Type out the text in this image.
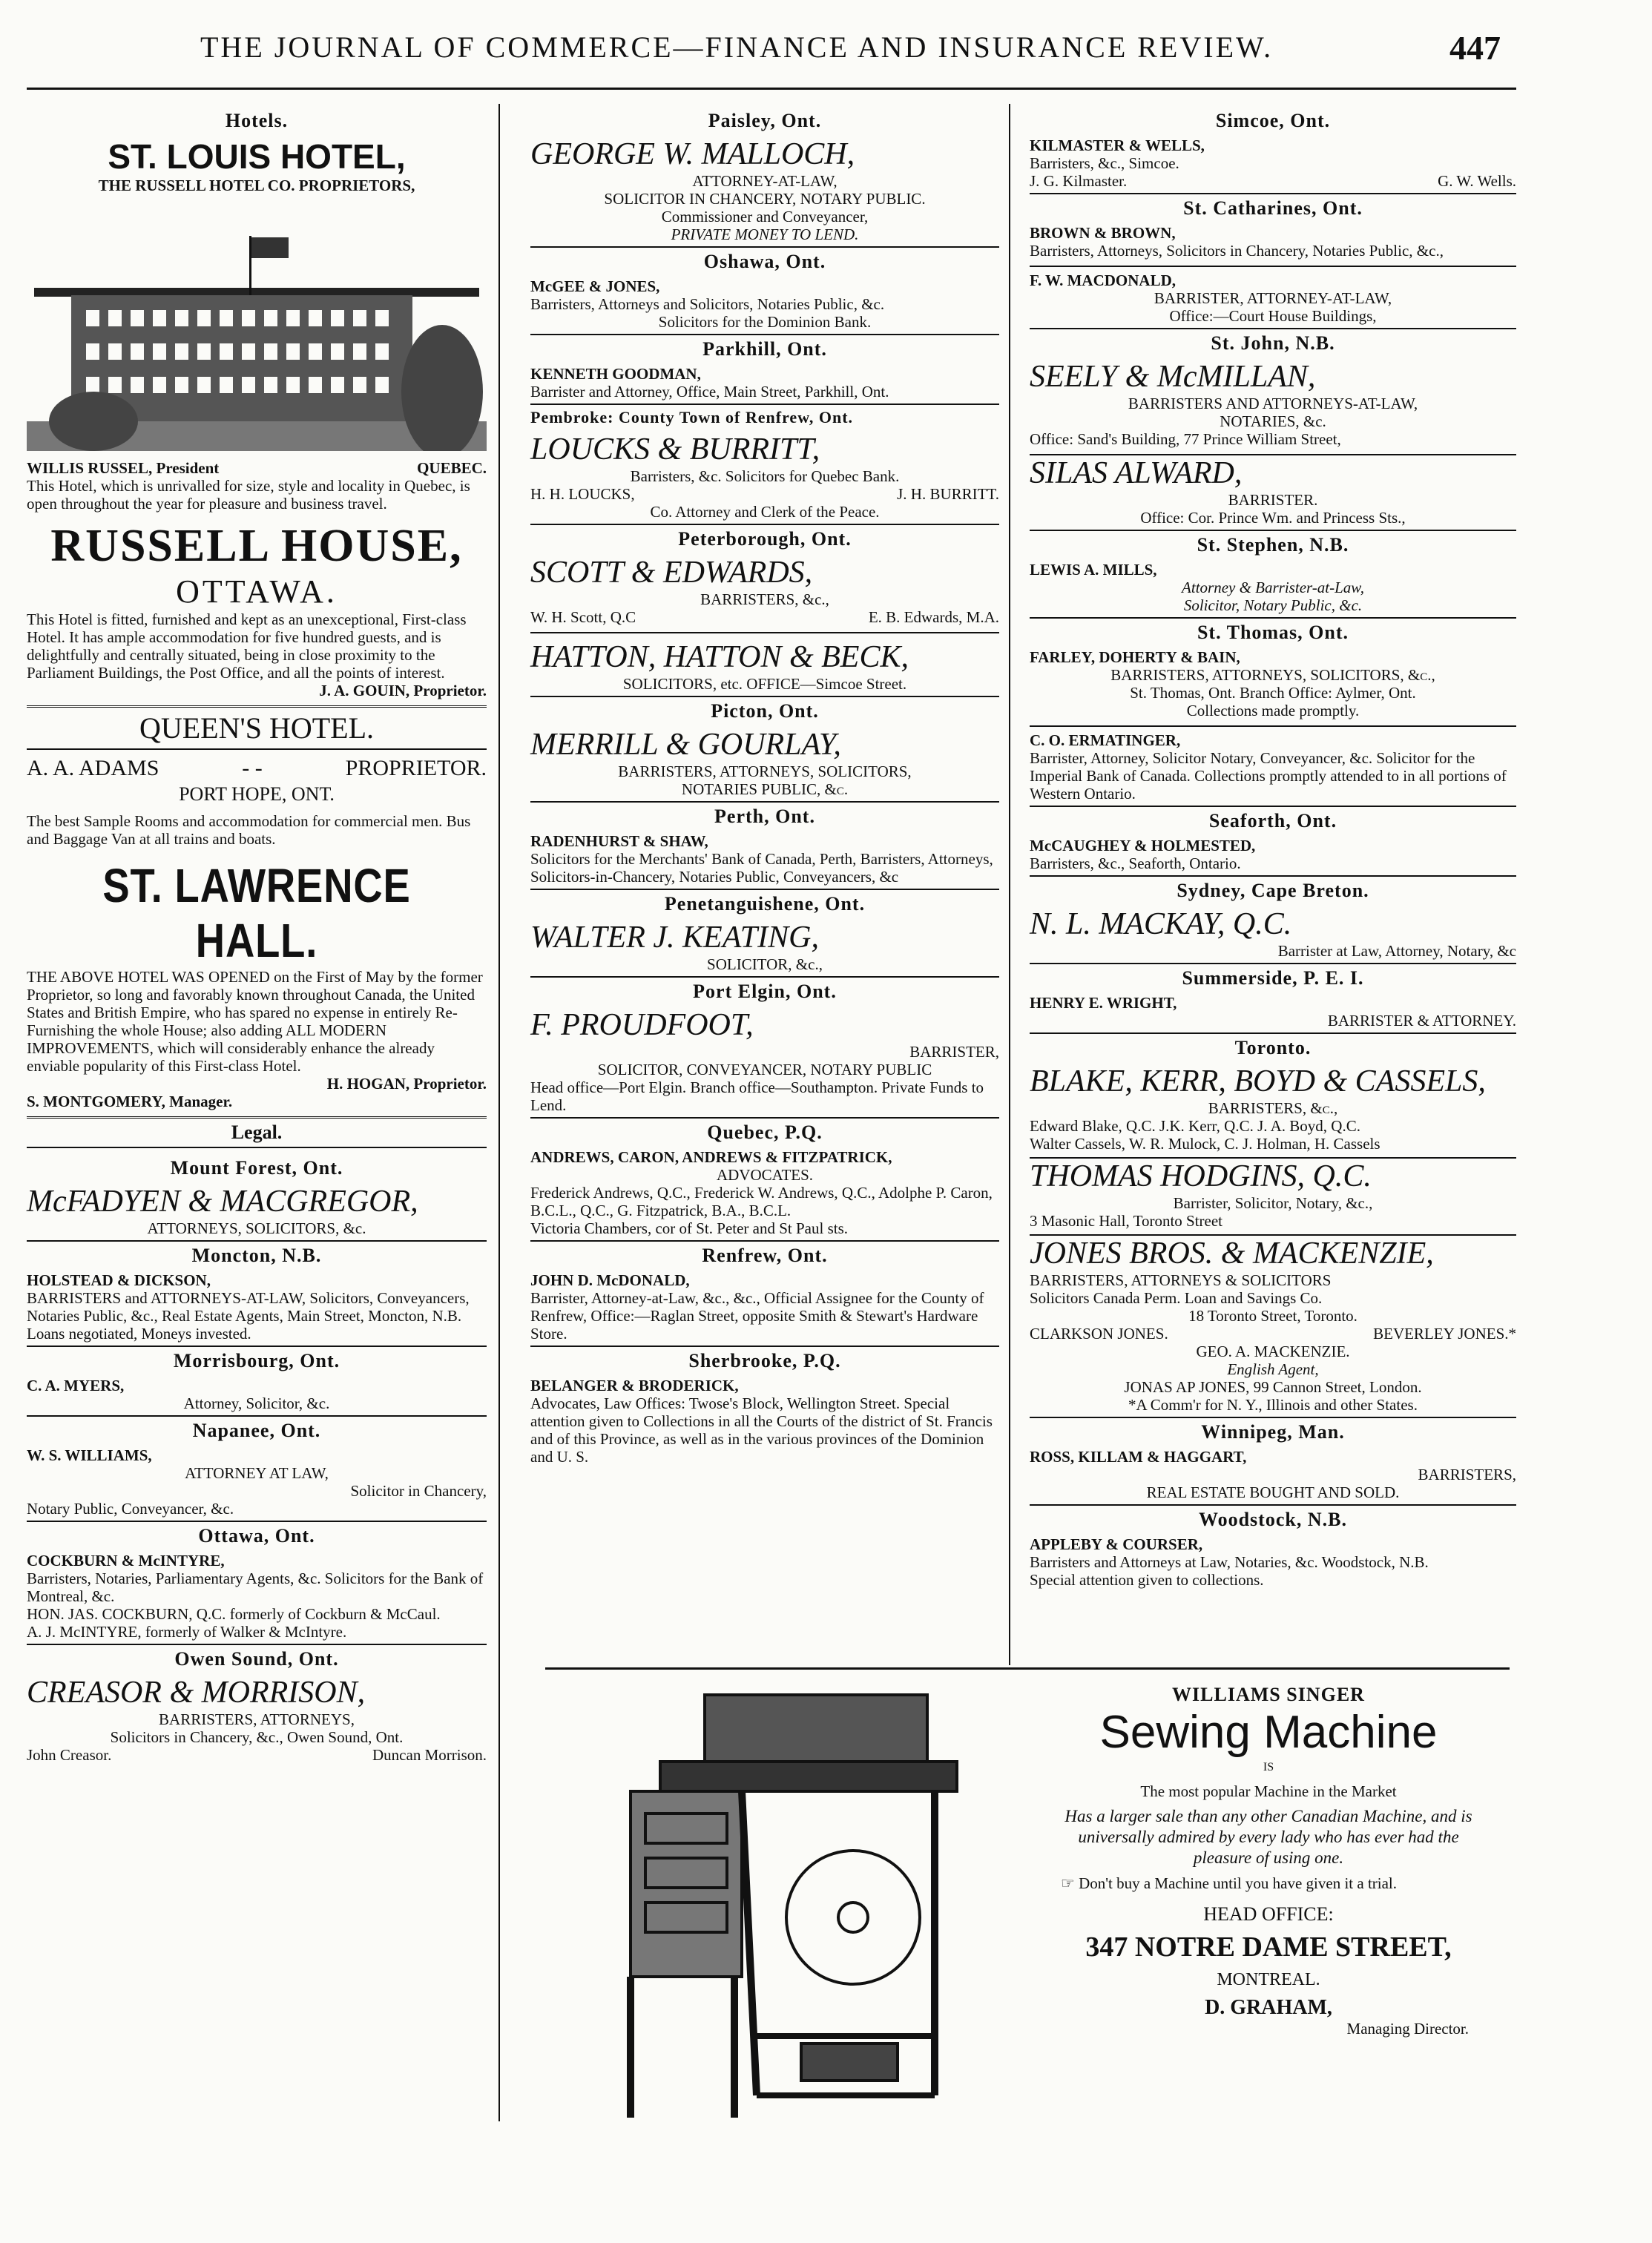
THE JOURNAL OF COMMERCE—FINANCE AND INSURANCE REVIEW.	447
Hotels.
ST. LOUIS HOTEL,
THE RUSSELL HOTEL CO. PROPRIETORS,
WILLIS RUSSEL, President	QUEBEC.
This Hotel, which is unrivalled for size, style and locality in Quebec, is open throughout the year for pleasure and business travel.
RUSSELL HOUSE,
OTTAWA.
This Hotel is fitted, furnished and kept as an unexceptional, First-class Hotel. It has ample accommodation for five hundred guests, and is delightfully and centrally situated, being in close proximity to the Parliament Buildings, the Post Office, and all the points of interest.
J. A. GOUIN, Proprietor.
QUEEN'S HOTEL.
A. A. ADAMS	- -	PROPRIETOR.
PORT HOPE, ONT.
The best Sample Rooms and accommodation for commercial men. Bus and Baggage Van at all trains and boats.
ST. LAWRENCE HALL.
THE ABOVE HOTEL WAS OPENED on the First of May by the former Proprietor, so long and favorably known throughout Canada, the United States and British Empire, who has spared no expense in entirely Re-Furnishing the whole House; also adding ALL MODERN IMPROVEMENTS, which will considerably enhance the already enviable popularity of this First-class Hotel.
H. HOGAN, Proprietor.
S. MONTGOMERY, Manager.
Legal.
Mount Forest, Ont.
McFADYEN & MACGREGOR,
ATTORNEYS, SOLICITORS, &c.
Moncton, N.B.
HOLSTEAD & DICKSON,
BARRISTERS and ATTORNEYS-AT-LAW, Solicitors, Conveyancers, Notaries Public, &c., Real Estate Agents, Main Street, Moncton, N.B. Loans negotiated, Moneys invested.
Morrisbourg, Ont.
C. A. MYERS,
Attorney, Solicitor, &c.
Napanee, Ont.
W. S. WILLIAMS,
ATTORNEY AT LAW,
Solicitor in Chancery,
Notary Public, Conveyancer, &c.
Ottawa, Ont.
COCKBURN & McINTYRE,
Barristers, Notaries, Parliamentary Agents, &c. Solicitors for the Bank of Montreal, &c.
HON. JAS. COCKBURN, Q.C. formerly of Cockburn & McCaul.
A. J. McINTYRE, formerly of Walker & McIntyre.
Owen Sound, Ont.
CREASOR & MORRISON,
BARRISTERS, ATTORNEYS,
Solicitors in Chancery, &c., Owen Sound, Ont.
John Creasor.	Duncan Morrison.
Paisley, Ont.
GEORGE W. MALLOCH,
ATTORNEY-AT-LAW,
SOLICITOR IN CHANCERY, NOTARY PUBLIC.
Commissioner and Conveyancer,
PRIVATE MONEY TO LEND.
Oshawa, Ont.
McGEE & JONES,
Barristers, Attorneys and Solicitors, Notaries Public, &c.
Solicitors for the Dominion Bank.
Parkhill, Ont.
KENNETH GOODMAN,
Barrister and Attorney, Office, Main Street, Parkhill, Ont.
Pembroke: County Town of Renfrew, Ont.
LOUCKS & BURRITT,
Barristers, &c. Solicitors for Quebec Bank.
H. H. LOUCKS,	J. H. BURRITT.
Co. Attorney and Clerk of the Peace.
Peterborough, Ont.
SCOTT & EDWARDS,
BARRISTERS, &c.,
W. H. Scott, Q.C	E. B. Edwards, M.A.
HATTON, HATTON & BECK,
SOLICITORS, etc. OFFICE—Simcoe Street.
Picton, Ont.
MERRILL & GOURLAY,
BARRISTERS, ATTORNEYS, SOLICITORS,
NOTARIES PUBLIC, &c.
Perth, Ont.
RADENHURST & SHAW,
Solicitors for the Merchants' Bank of Canada, Perth, Barristers, Attorneys, Solicitors-in-Chancery, Notaries Public, Conveyancers, &c
Penetanguishene, Ont.
WALTER J. KEATING,
SOLICITOR, &c.,
Port Elgin, Ont.
F. PROUDFOOT,
BARRISTER,
SOLICITOR, CONVEYANCER, NOTARY PUBLIC
Head office—Port Elgin. Branch office—Southampton. Private Funds to Lend.
Quebec, P.Q.
ANDREWS, CARON, ANDREWS & FITZPATRICK,
ADVOCATES.
Frederick Andrews, Q.C., Frederick W. Andrews, Q.C., Adolphe P. Caron, B.C.L., Q.C., G. Fitzpatrick, B.A., B.C.L.
Victoria Chambers, cor of St. Peter and St Paul sts.
Renfrew, Ont.
JOHN D. McDONALD,
Barrister, Attorney-at-Law, &c., &c., Official Assignee for the County of Renfrew, Office:—Raglan Street, opposite Smith & Stewart's Hardware Store.
Sherbrooke, P.Q.
BELANGER & BRODERICK,
Advocates, Law Offices: Twose's Block, Wellington Street. Special attention given to Collections in all the Courts of the district of St. Francis and of this Province, as well as in the various provinces of the Dominion and U. S.
Simcoe, Ont.
KILMASTER & WELLS,
Barristers, &c., Simcoe.
J. G. Kilmaster.	G. W. Wells.
St. Catharines, Ont.
BROWN & BROWN,
Barristers, Attorneys, Solicitors in Chancery, Notaries Public, &c.,
F. W. MACDONALD,
BARRISTER, ATTORNEY-AT-LAW,
Office:—Court House Buildings,
St. John, N.B.
SEELY & McMILLAN,
BARRISTERS AND ATTORNEYS-AT-LAW,
NOTARIES, &c.
Office: Sand's Building, 77 Prince William Street,
SILAS ALWARD,
BARRISTER.
Office: Cor. Prince Wm. and Princess Sts.,
St. Stephen, N.B.
LEWIS A. MILLS,
Attorney & Barrister-at-Law,
Solicitor, Notary Public, &c.
St. Thomas, Ont.
FARLEY, DOHERTY & BAIN,
BARRISTERS, ATTORNEYS, SOLICITORS, &c.,
St. Thomas, Ont. Branch Office: Aylmer, Ont.
Collections made promptly.
C. O. ERMATINGER,
Barrister, Attorney, Solicitor Notary, Conveyancer, &c. Solicitor for the Imperial Bank of Canada. Collections promptly attended to in all portions of Western Ontario.
Seaforth, Ont.
McCAUGHEY & HOLMESTED,
Barristers, &c., Seaforth, Ontario.
Sydney, Cape Breton.
N. L. MACKAY, Q.C.
Barrister at Law, Attorney, Notary, &c
Summerside, P. E. I.
HENRY E. WRIGHT,
BARRISTER & ATTORNEY.
Toronto.
BLAKE, KERR, BOYD & CASSELS,
BARRISTERS, &c.,
Edward Blake, Q.C. J.K. Kerr, Q.C. J. A. Boyd, Q.C.
Walter Cassels, W. R. Mulock, C. J. Holman, H. Cassels
THOMAS HODGINS, Q.C.
Barrister, Solicitor, Notary, &c.,
3 Masonic Hall, Toronto Street
JONES BROS. & MACKENZIE,
BARRISTERS, ATTORNEYS & SOLICITORS
Solicitors Canada Perm. Loan and Savings Co.
18 Toronto Street, Toronto.
CLARKSON JONES.	BEVERLEY JONES.*
GEO. A. MACKENZIE.
English Agent,
JONAS AP JONES, 99 Cannon Street, London.
*A Comm'r for N. Y., Illinois and other States.
Winnipeg, Man.
ROSS, KILLAM & HAGGART,
BARRISTERS,
REAL ESTATE BOUGHT AND SOLD.
Woodstock, N.B.
APPLEBY & COURSER,
Barristers and Attorneys at Law, Notaries, &c. Woodstock, N.B.
Special attention given to collections.
WILLIAMS SINGER
Sewing Machine
IS
The most popular Machine in the Market
Has a larger sale than any other Canadian Machine, and is universally admired by every lady who has ever had the pleasure of using one.
☞ Don't buy a Machine until you have given it a trial.
HEAD OFFICE:
347 NOTRE DAME STREET,
MONTREAL.
D. GRAHAM,
Managing Director.
